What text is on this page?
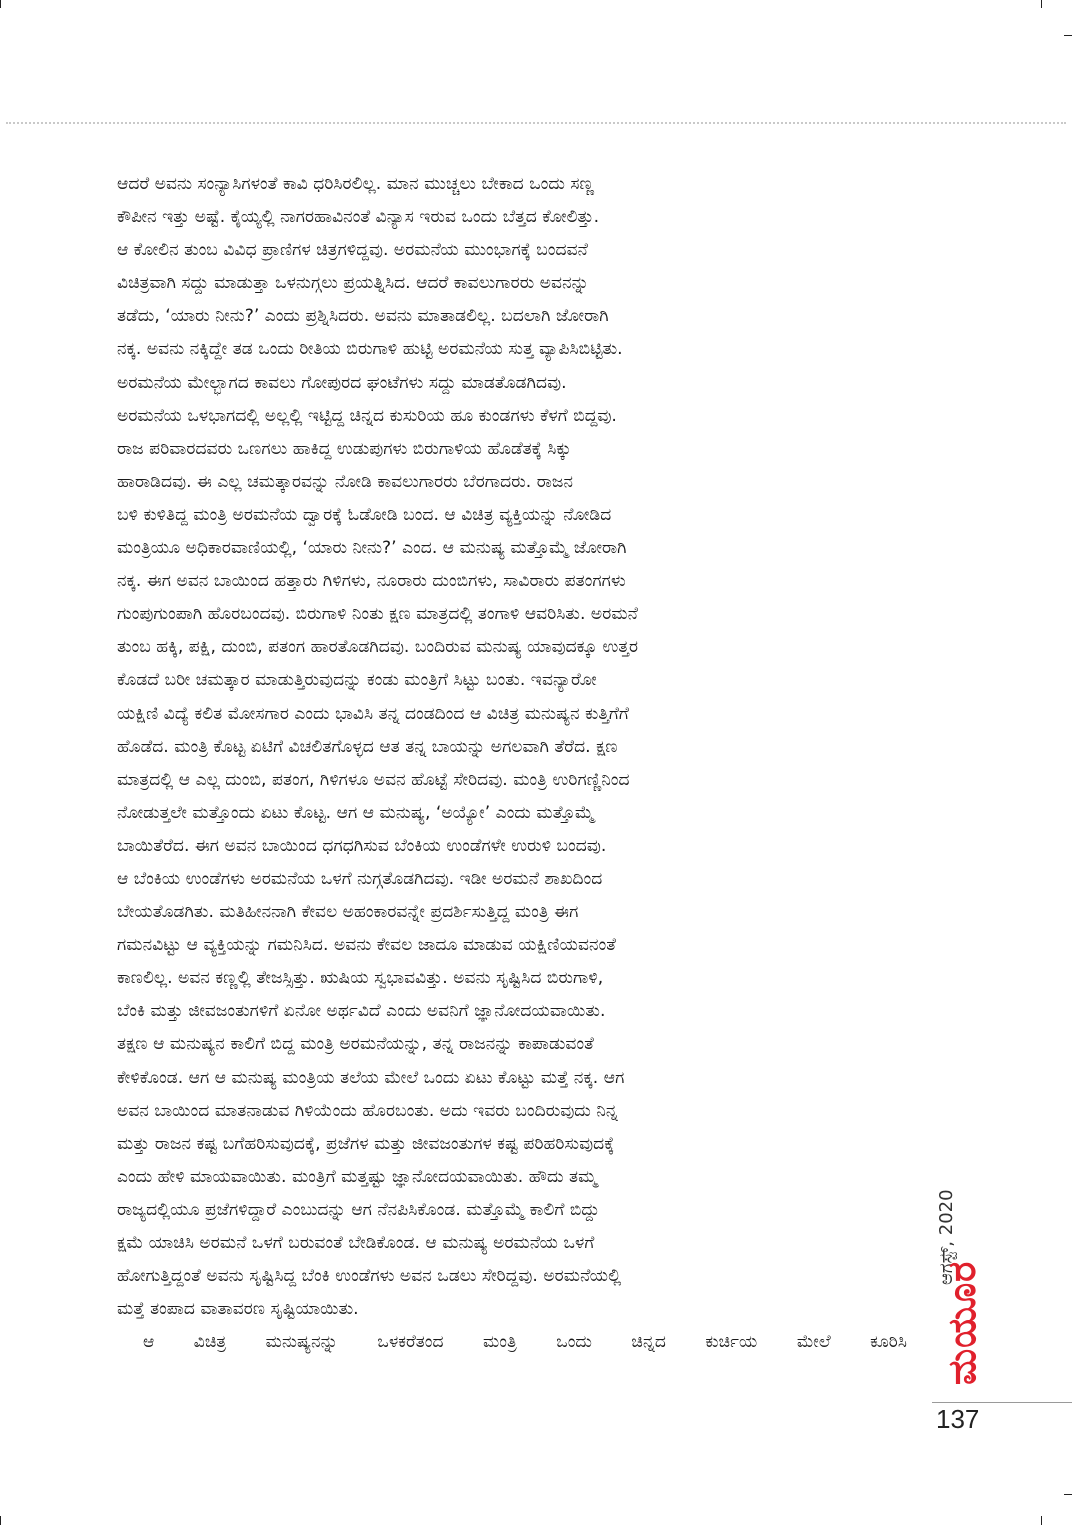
ಆದರೆ ಅವನು ಸಂನ್ಯಾಸಿಗಳಂತೆ ಕಾವಿ ಧರಿಸಿರಲಿಲ್ಲ. ಮಾನ ಮುಚ್ಚಲು ಬೇಕಾದ ಒಂದು ಸಣ್ಣ
ಕೌಪೀನ ಇತ್ತು ಅಷ್ಟೆ. ಕೈಯ್ಯಲ್ಲಿ ನಾಗರಹಾವಿನಂತೆ ವಿನ್ಯಾಸ ಇರುವ ಒಂದು ಬೆತ್ತದ ಕೋಲಿತ್ತು.
ಆ ಕೋಲಿನ ತುಂಬ ವಿವಿಧ ಪ್ರಾಣಿಗಳ ಚಿತ್ರಗಳಿದ್ದವು. ಅರಮನೆಯ ಮುಂಭಾಗಕ್ಕೆ ಬಂದವನೆ
ವಿಚಿತ್ರವಾಗಿ ಸದ್ದು ಮಾಡುತ್ತಾ ಒಳನುಗ್ಗಲು ಪ್ರಯತ್ನಿಸಿದ. ಆದರೆ ಕಾವಲುಗಾರರು ಅವನನ್ನು
ತಡೆದು, ‘ಯಾರು ನೀನು?’ ಎಂದು ಪ್ರಶ್ನಿಸಿದರು. ಅವನು ಮಾತಾಡಲಿಲ್ಲ. ಬದಲಾಗಿ ಜೋರಾಗಿ
ನಕ್ಕ. ಅವನು ನಕ್ಕಿದ್ದೇ ತಡ ಒಂದು ರೀತಿಯ ಬಿರುಗಾಳಿ ಹುಟ್ಟಿ ಅರಮನೆಯ ಸುತ್ತ ವ್ಯಾಪಿಸಿಬಿಟ್ಟಿತು.
ಅರಮನೆಯ ಮೇಲ್ಭಾಗದ ಕಾವಲು ಗೋಪುರದ ಘಂಟೆಗಳು ಸದ್ದು ಮಾಡತೊಡಗಿದವು.
ಅರಮನೆಯ ಒಳಭಾಗದಲ್ಲಿ ಅಲ್ಲಲ್ಲಿ ಇಟ್ಟಿದ್ದ ಚಿನ್ನದ ಕುಸುರಿಯ ಹೂ ಕುಂಡಗಳು ಕೆಳಗೆ ಬಿದ್ದವು.
ರಾಜ ಪರಿವಾರದವರು ಒಣಗಲು ಹಾಕಿದ್ದ ಉಡುಪುಗಳು ಬಿರುಗಾಳಿಯ ಹೊಡೆತಕ್ಕೆ ಸಿಕ್ಕು
ಹಾರಾಡಿದವು. ಈ ಎಲ್ಲ ಚಮತ್ಕಾರವನ್ನು ನೋಡಿ ಕಾವಲುಗಾರರು ಬೆರಗಾದರು. ರಾಜನ
ಬಳಿ ಕುಳಿತಿದ್ದ ಮಂತ್ರಿ ಅರಮನೆಯ ದ್ವಾರಕ್ಕೆ ಓಡೋಡಿ ಬಂದ. ಆ ವಿಚಿತ್ರ ವ್ಯಕ್ತಿಯನ್ನು ನೋಡಿದ
ಮಂತ್ರಿಯೂ ಅಧಿಕಾರವಾಣಿಯಲ್ಲಿ, ‘ಯಾರು ನೀನು?’ ಎಂದ. ಆ ಮನುಷ್ಯ ಮತ್ತೊಮ್ಮೆ ಜೋರಾಗಿ
ನಕ್ಕ. ಈಗ ಅವನ ಬಾಯಿಂದ ಹತ್ತಾರು ಗಿಳಿಗಳು, ನೂರಾರು ದುಂಬಿಗಳು, ಸಾವಿರಾರು ಪತಂಗಗಳು
ಗುಂಪುಗುಂಪಾಗಿ ಹೊರಬಂದವು. ಬಿರುಗಾಳಿ ನಿಂತು ಕ್ಷಣ ಮಾತ್ರದಲ್ಲಿ ತಂಗಾಳಿ ಆವರಿಸಿತು. ಅರಮನೆ
ತುಂಬ ಹಕ್ಕಿ, ಪಕ್ಷಿ, ದುಂಬಿ, ಪತಂಗ ಹಾರತೊಡಗಿದವು. ಬಂದಿರುವ ಮನುಷ್ಯ ಯಾವುದಕ್ಕೂ ಉತ್ತರ
ಕೊಡದೆ ಬರೀ ಚಮತ್ಕಾರ ಮಾಡುತ್ತಿರುವುದನ್ನು ಕಂಡು ಮಂತ್ರಿಗೆ ಸಿಟ್ಟು ಬಂತು. ಇವನ್ಯಾರೋ
ಯಕ್ಷಿಣಿ ವಿದ್ಯೆ ಕಲಿತ ಮೋಸಗಾರ ಎಂದು ಭಾವಿಸಿ ತನ್ನ ದಂಡದಿಂದ ಆ ವಿಚಿತ್ರ ಮನುಷ್ಯನ ಕುತ್ತಿಗೆಗೆ
ಹೊಡೆದ. ಮಂತ್ರಿ ಕೊಟ್ಟ ಏಟಿಗೆ ವಿಚಲಿತಗೊಳ್ಳದ ಆತ ತನ್ನ ಬಾಯನ್ನು ಅಗಲವಾಗಿ ತೆರೆದ. ಕ್ಷಣ
ಮಾತ್ರದಲ್ಲಿ ಆ ಎಲ್ಲ ದುಂಬಿ, ಪತಂಗ, ಗಿಳಿಗಳೂ ಅವನ ಹೊಟ್ಟೆ ಸೇರಿದವು. ಮಂತ್ರಿ ಉರಿಗಣ್ಣಿನಿಂದ
ನೋಡುತ್ತಲೇ ಮತ್ತೊಂದು ಏಟು ಕೊಟ್ಟ. ಆಗ ಆ ಮನುಷ್ಯ, ‘ಅಯ್ಯೋ’ ಎಂದು ಮತ್ತೊಮ್ಮೆ
ಬಾಯಿತೆರೆದ. ಈಗ ಅವನ ಬಾಯಿಂದ ಧಗಧಗಿಸುವ ಬೆಂಕಿಯ ಉಂಡೆಗಳೇ ಉರುಳಿ ಬಂದವು.
ಆ ಬೆಂಕಿಯ ಉಂಡೆಗಳು ಅರಮನೆಯ ಒಳಗೆ ನುಗ್ಗತೊಡಗಿದವು. ಇಡೀ ಅರಮನೆ ಶಾಖದಿಂದ
ಬೇಯತೊಡಗಿತು. ಮತಿಹೀನನಾಗಿ ಕೇವಲ ಅಹಂಕಾರವನ್ನೇ ಪ್ರದರ್ಶಿಸುತ್ತಿದ್ದ ಮಂತ್ರಿ ಈಗ
ಗಮನವಿಟ್ಟು ಆ ವ್ಯಕ್ತಿಯನ್ನು ಗಮನಿಸಿದ. ಅವನು ಕೇವಲ ಜಾದೂ ಮಾಡುವ ಯಕ್ಷಿಣಿಯವನಂತೆ
ಕಾಣಲಿಲ್ಲ. ಅವನ ಕಣ್ಣಲ್ಲಿ ತೇಜಸ್ಸಿತ್ತು. ಋಷಿಯ ಸ್ವಭಾವವಿತ್ತು. ಅವನು ಸೃಷ್ಟಿಸಿದ ಬಿರುಗಾಳಿ,
ಬೆಂಕಿ ಮತ್ತು ಜೀವಜಂತುಗಳಿಗೆ ಏನೋ ಅರ್ಥವಿದೆ ಎಂದು ಅವನಿಗೆ ಜ್ಞಾನೋದಯವಾಯಿತು.
ತಕ್ಷಣ ಆ ಮನುಷ್ಯನ ಕಾಲಿಗೆ ಬಿದ್ದ ಮಂತ್ರಿ ಅರಮನೆಯನ್ನು, ತನ್ನ ರಾಜನನ್ನು ಕಾಪಾಡುವಂತೆ
ಕೇಳಿಕೊಂಡ. ಆಗ ಆ ಮನುಷ್ಯ ಮಂತ್ರಿಯ ತಲೆಯ ಮೇಲೆ ಒಂದು ಏಟು ಕೊಟ್ಟು ಮತ್ತೆ ನಕ್ಕ. ಆಗ
ಅವನ ಬಾಯಿಂದ ಮಾತನಾಡುವ ಗಿಳಿಯೆಂದು ಹೊರಬಂತು. ಅದು ಇವರು ಬಂದಿರುವುದು ನಿನ್ನ
ಮತ್ತು ರಾಜನ ಕಷ್ಟ ಬಗೆಹರಿಸುವುದಕ್ಕೆ, ಪ್ರಜೆಗಳ ಮತ್ತು ಜೀವಜಂತುಗಳ ಕಷ್ಟ ಪರಿಹರಿಸುವುದಕ್ಕೆ
ಎಂದು ಹೇಳಿ ಮಾಯವಾಯಿತು. ಮಂತ್ರಿಗೆ ಮತ್ತಷ್ಟು ಜ್ಞಾನೋದಯವಾಯಿತು. ಹೌದು ತಮ್ಮ
ರಾಜ್ಯದಲ್ಲಿಯೂ ಪ್ರಜೆಗಳಿದ್ದಾರೆ ಎಂಬುದನ್ನು ಆಗ ನೆನಪಿಸಿಕೊಂಡ. ಮತ್ತೊಮ್ಮೆ ಕಾಲಿಗೆ ಬಿದ್ದು
ಕ್ಷಮೆ ಯಾಚಿಸಿ ಅರಮನೆ ಒಳಗೆ ಬರುವಂತೆ ಬೇಡಿಕೊಂಡ. ಆ ಮನುಷ್ಯ ಅರಮನೆಯ ಒಳಗೆ
ಹೋಗುತ್ತಿದ್ದಂತೆ ಅವನು ಸೃಷ್ಟಿಸಿದ್ದ ಬೆಂಕಿ ಉಂಡೆಗಳು ಅವನ ಒಡಲು ಸೇರಿದ್ದವು. ಅರಮನೆಯಲ್ಲಿ
ಮತ್ತೆ ತಂಪಾದ ವಾತಾವರಣ ಸೃಷ್ಟಿಯಾಯಿತು.

ಆ ವಿಚಿತ್ರ ಮನುಷ್ಯನನ್ನು ಒಳಕರೆತಂದ ಮಂತ್ರಿ ಒಂದು ಚಿನ್ನದ ಕುರ್ಚಿಯ ಮೇಲೆ ಕೂರಿಸಿ

ಆಗಸ್ಟ್, 2020
ಮಯೂರ
137
